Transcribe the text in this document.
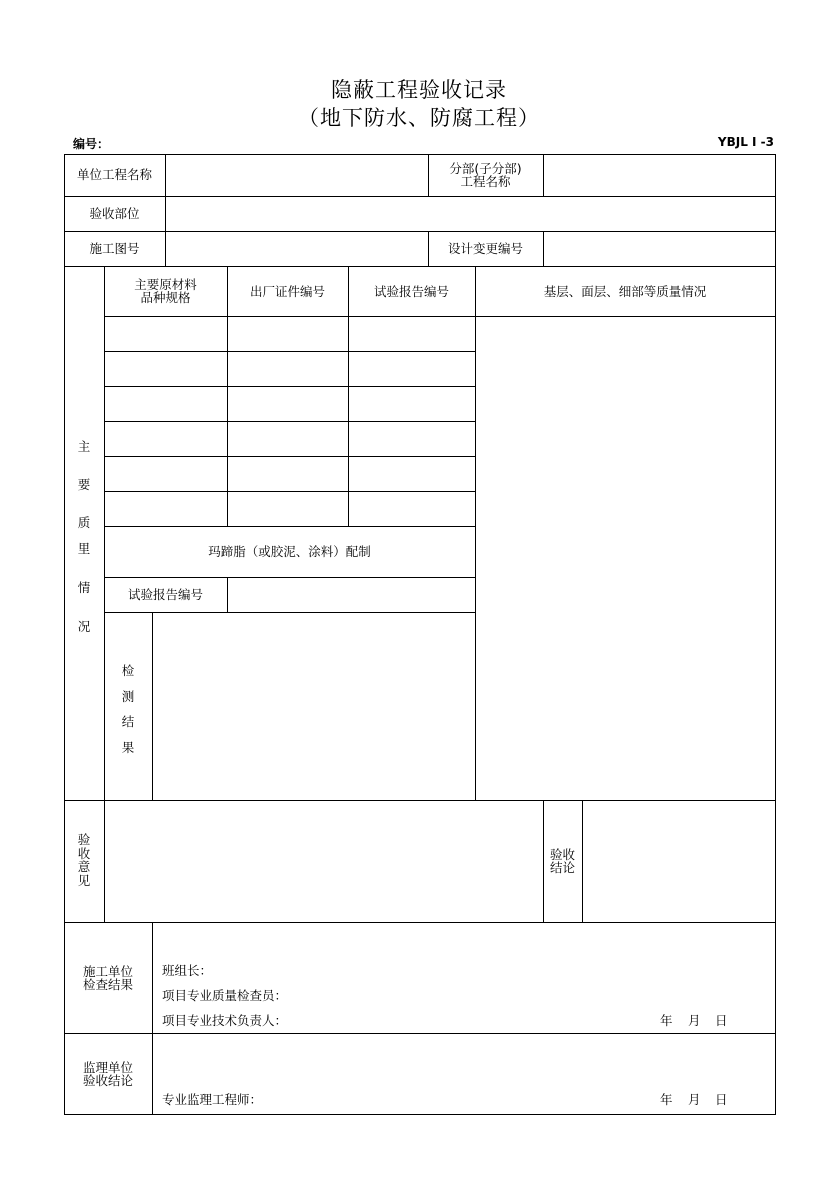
隐蔽工程验收记录
（地下防水、防腐工程）
编号：	YBJL I -3
单位工程名称	分部(子分部)
工程名称
验收部位
施工图号	设计变更编号
主
要
质
里
情
况
主要原材料
品种规格	出厂证件编号	试验报告编号	基层、面层、细部等质量情况
玛蹄脂（或胶泥、涂料）配制
试验报告编号
检
测
结
果
验
收
意
见
验收
结论
施工单位
检查结果
班组长：
项目专业质量检查员：
项目专业技术负责人：	年 月 日
监理单位
验收结论
专业监理工程师：	年 月 日
